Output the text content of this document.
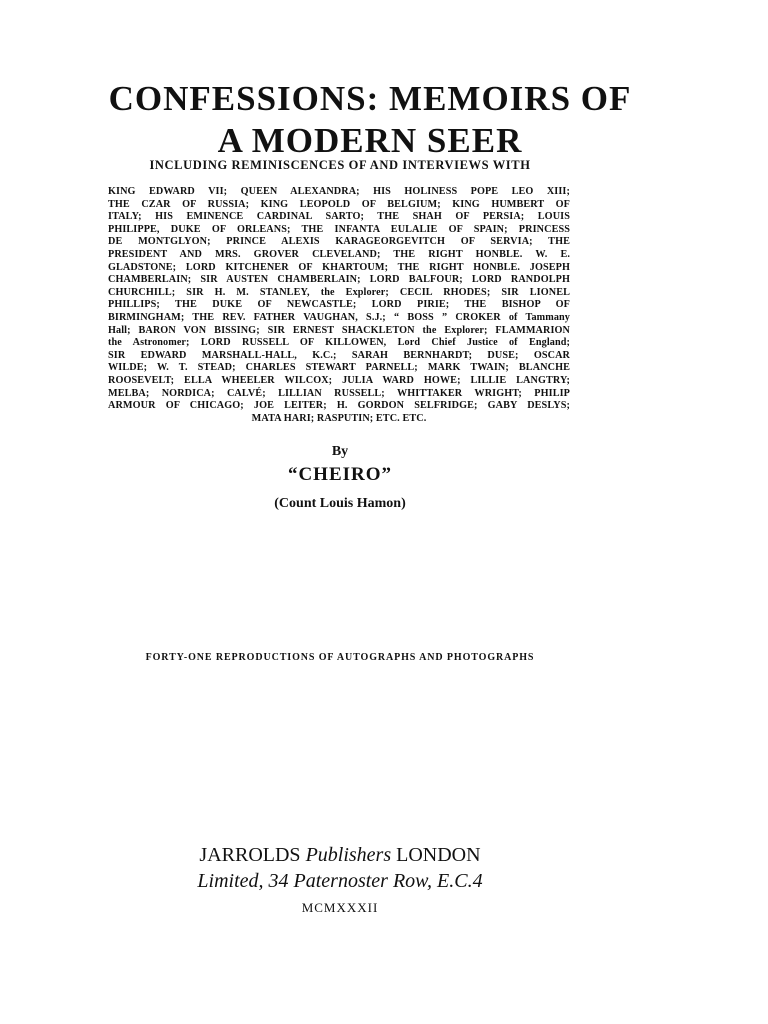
CONFESSIONS: MEMOIRS OF
A MODERN SEER
INCLUDING REMINISCENCES OF AND INTERVIEWS WITH
KING EDWARD VII; QUEEN ALEXANDRA; HIS HOLINESS POPE LEO XIII;
THE CZAR OF RUSSIA; KING LEOPOLD OF BELGIUM; KING HUMBERT OF
ITALY; HIS EMINENCE CARDINAL SARTO; THE SHAH OF PERSIA; LOUIS
PHILIPPE, DUKE OF ORLEANS; THE INFANTA EULALIE OF SPAIN; PRINCESS
DE MONTGLYON; PRINCE ALEXIS KARAGEORGEVITCH OF SERVIA; THE
PRESIDENT AND MRS. GROVER CLEVELAND; THE RIGHT HONBLE. W. E.
GLADSTONE; LORD KITCHENER OF KHARTOUM; THE RIGHT HONBLE. JOSEPH
CHAMBERLAIN; SIR AUSTEN CHAMBERLAIN; LORD BALFOUR; LORD RANDOLPH
CHURCHILL; SIR H. M. STANLEY, the Explorer; CECIL RHODES; SIR LIONEL
PHILLIPS; THE DUKE OF NEWCASTLE; LORD PIRIE; THE BISHOP OF
BIRMINGHAM; THE REV. FATHER VAUGHAN, S.J.; “ BOSS ” CROKER of Tammany
Hall; BARON VON BISSING; SIR ERNEST SHACKLETON the Explorer; FLAMMARION
the Astronomer; LORD RUSSELL OF KILLOWEN, Lord Chief Justice of England;
SIR EDWARD MARSHALL-HALL, K.C.; SARAH BERNHARDT; DUSE; OSCAR
WILDE; W. T. STEAD; CHARLES STEWART PARNELL; MARK TWAIN; BLANCHE
ROOSEVELT; ELLA WHEELER WILCOX; JULIA WARD HOWE; LILLIE LANGTRY;
MELBA; NORDICA; CALVÉ; LILLIAN RUSSELL; WHITTAKER WRIGHT; PHILIP
ARMOUR OF CHICAGO; JOE LEITER; H. GORDON SELFRIDGE; GABY DESLYS;
MATA HARI; RASPUTIN; ETC. ETC.
By
“CHEIRO”
(Count Louis Hamon)
FORTY-ONE REPRODUCTIONS OF AUTOGRAPHS AND PHOTOGRAPHS
JARROLDS Publishers LONDON
Limited, 34 Paternoster Row, E.C.4
MCMXXXII
